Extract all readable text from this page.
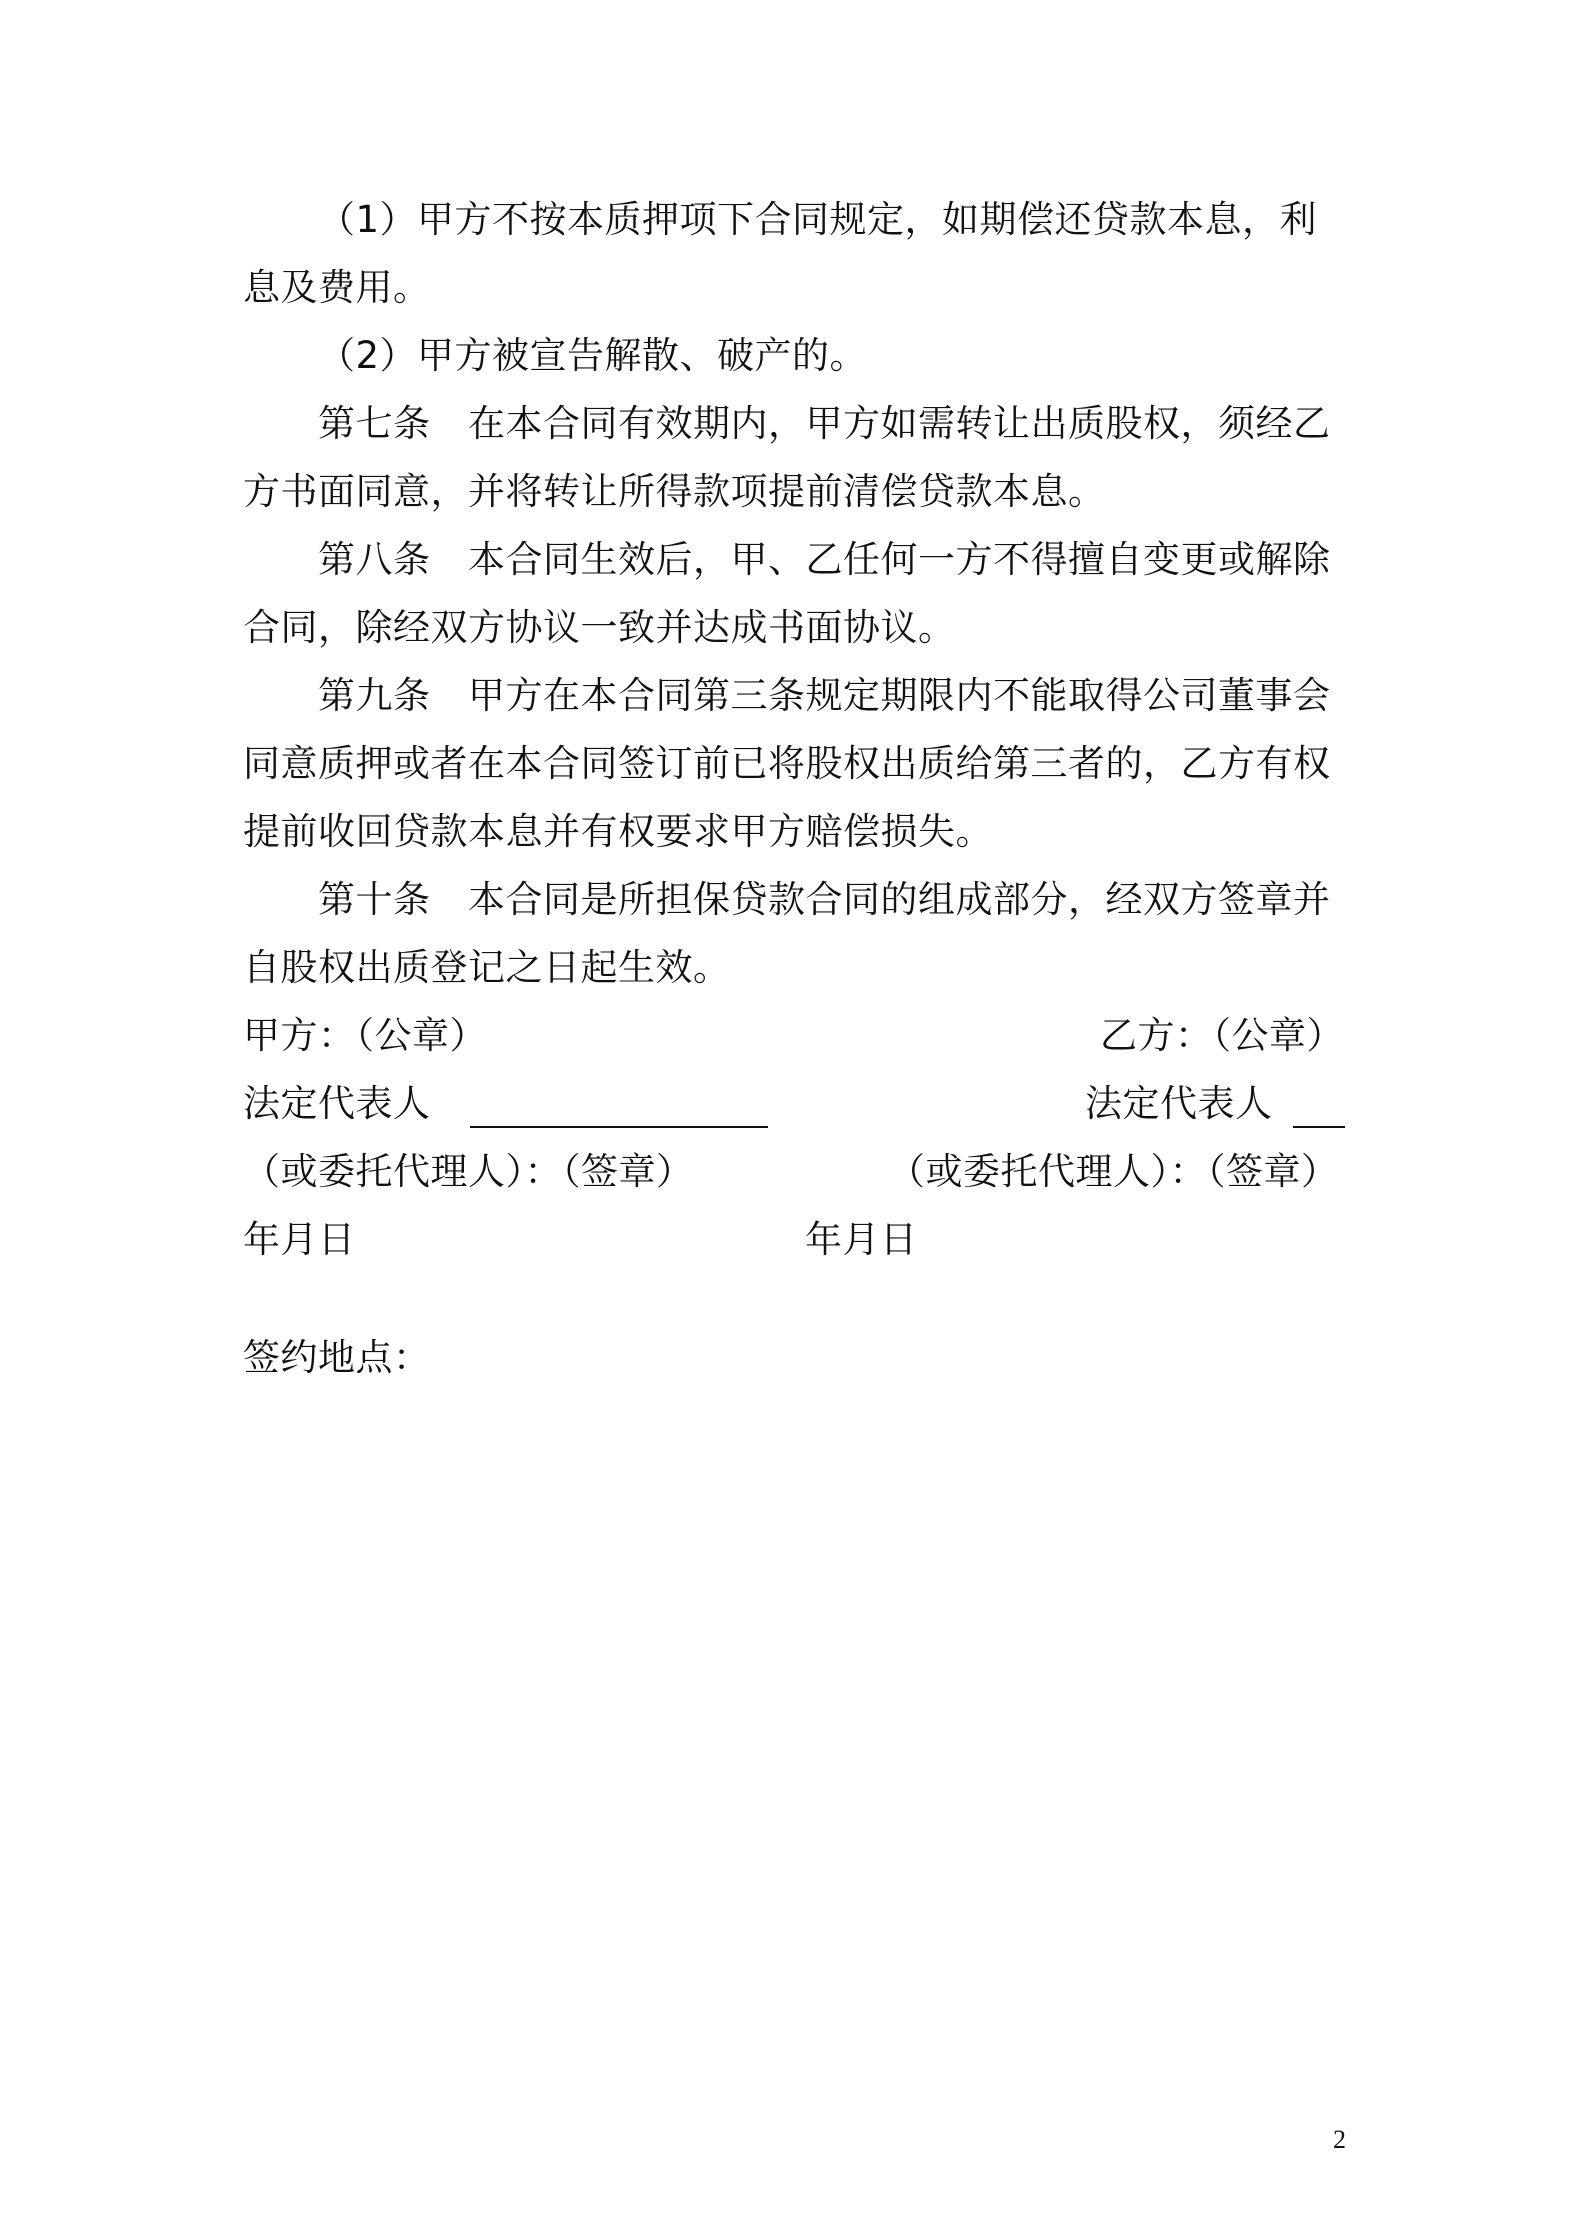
（1）甲方不按本质押项下合同规定，如期偿还贷款本息，利
息及费用。
（2）甲方被宣告解散、破产的。
第七条 在本合同有效期内，甲方如需转让出质股权，须经乙
方书面同意，并将转让所得款项提前清偿贷款本息。
第八条 本合同生效后，甲、乙任何一方不得擅自变更或解除
合同，除经双方协议一致并达成书面协议。
第九条 甲方在本合同第三条规定期限内不能取得公司董事会
同意质押或者在本合同签订前已将股权出质给第三者的，乙方有权
提前收回贷款本息并有权要求甲方赔偿损失。
第十条 本合同是所担保贷款合同的组成部分，经双方签章并
自股权出质登记之日起生效。
甲方：（公章）	乙方：（公章）
法定代表人	法定代表人
（或委托代理人）：（签章）	（或委托代理人）：（签章）
年月日	年月日
签约地点：
2
